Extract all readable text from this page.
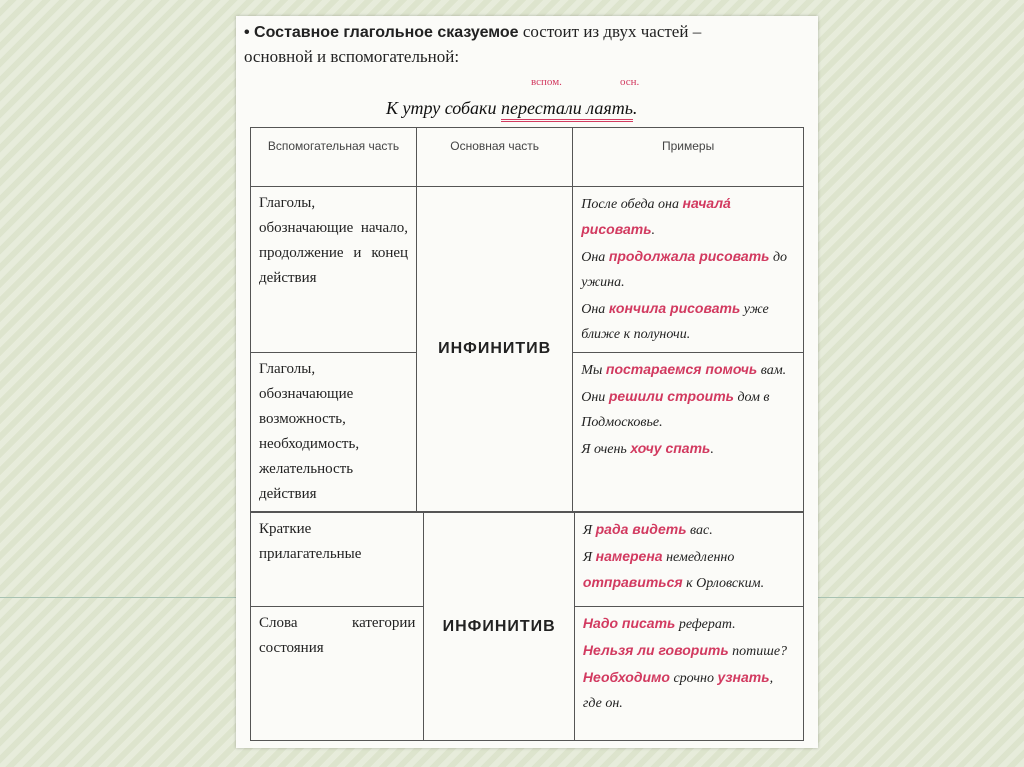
• Составное глагольное сказуемое состоит из двух частей –
основной и вспомогательной:
вспом.	осн.
К утру собаки перестали лаять.
Вспомогательная часть	Основная часть	Примеры

Глаголы, обозначающие начало, продолжение и конец действия	ИНФИНИТИВ	После обеда она начала́ рисовать.

Она продолжала рисовать до ужина.

Она кончила рисовать уже ближе к полуночи.

Глаголы, обозначающие возможность, необходимость, желательность действия		Мы постараемся помочь вам.

Они решили строить дом в Подмосковье.

Я очень хочу спать.

Краткие прилагательные	ИНФИНИТИВ	Я рада видеть вас.

Я намерена немедленно отправиться к Орловским.

Слова категории состояния		Надо писать реферат.

Нельзя ли говорить потише?

Необходимо срочно узнать, где он.
